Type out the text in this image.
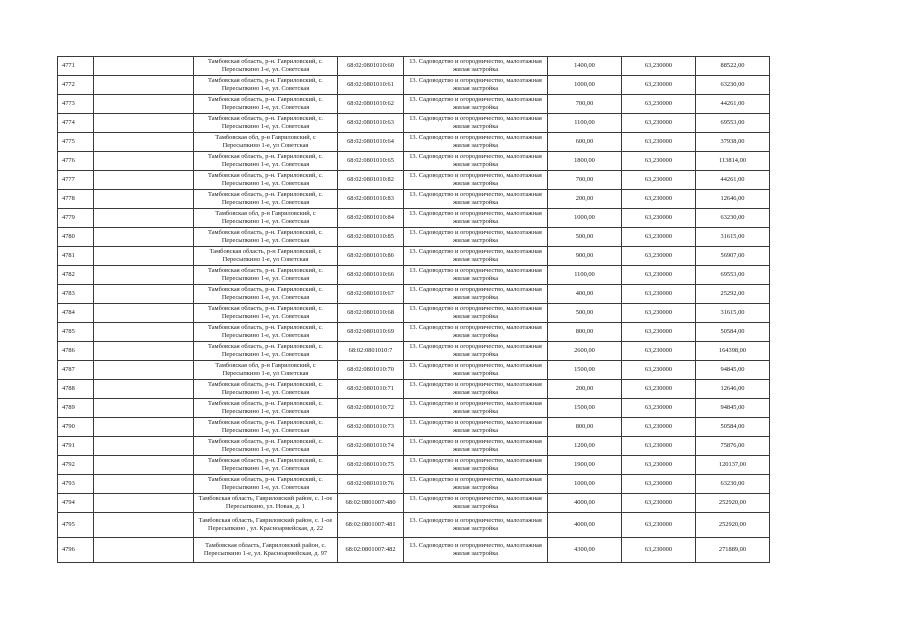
4771		Тамбовская область, р-н. Гавриловский, с. Пересыпкино 1-е, ул. Советская	68:02:0801010:60	13. Садоводство и огородничество, малоэтажная жилая застройка	1400,00	63,230000	88522,00
4772		Тамбовская область, р-н. Гавриловский, с. Пересыпкино 1-е, ул. Советская	68:02:0801010:61	13. Садоводство и огородничество, малоэтажная жилая застройка	1000,00	63,230000	63230,00
4773		Тамбовская область, р-н. Гавриловский, с. Пересыпкино 1-е, ул. Советская	68:02:0801010:62	13. Садоводство и огородничество, малоэтажная жилая застройка	700,00	63,230000	44261,00
4774		Тамбовская область, р-н. Гавриловский, с. Пересыпкино 1-е, ул. Советская	68:02:0801010:63	13. Садоводство и огородничество, малоэтажная жилая застройка	1100,00	63,230000	69553,00
4775		Тамбовская обл, р-н Гавриловский, с Пересыпкино 1-е, ул Советская	68:02:0801010:64	13. Садоводство и огородничество, малоэтажная жилая застройка	600,00	63,230000	37938,00
4776		Тамбовская область, р-н. Гавриловский, с. Пересыпкино 1-е, ул. Советская	68:02:0801010:65	13. Садоводство и огородничество, малоэтажная жилая застройка	1800,00	63,230000	113814,00
4777		Тамбовская область, р-н. Гавриловский, с. Пересыпкино 1-е, ул. Советская	68:02:0801010:82	13. Садоводство и огородничество, малоэтажная жилая застройка	700,00	63,230000	44261,00
4778		Тамбовская область, р-н. Гавриловский, с. Пересыпкино 1-е, ул. Советская	68:02:0801010:83	13. Садоводство и огородничество, малоэтажная жилая застройка	200,00	63,230000	12646,00
4779		Тамбовская обл, р-н Гавриловский, с Пересыпкино 1-е, ул. Советская	68:02:0801010:84	13. Садоводство и огородничество, малоэтажная жилая застройка	1000,00	63,230000	63230,00
4780		Тамбовская область, р-н. Гавриловский, с. Пересыпкино 1-е, ул. Советская	68:02:0801010:85	13. Садоводство и огородничество, малоэтажная жилая застройка	500,00	63,230000	31615,00
4781		Тамбовская область, р-н Гавриловский, с Пересыпкино 1-е, ул Советская	68:02:0801010:86	13. Садоводство и огородничество, малоэтажная жилая застройка	900,00	63,230000	56907,00
4782		Тамбовская область, р-н. Гавриловский, с. Пересыпкино 1-е, ул. Советская	68:02:0801010:66	13. Садоводство и огородничество, малоэтажная жилая застройка	1100,00	63,230000	69553,00
4783		Тамбовская область, р-н. Гавриловский, с. Пересыпкино 1-е, ул. Советская	68:02:0801010:67	13. Садоводство и огородничество, малоэтажная жилая застройка	400,00	63,230000	25292,00
4784		Тамбовская область, р-н. Гавриловский, с. Пересыпкино 1-е, ул. Советская	68:02:0801010:68	13. Садоводство и огородничество, малоэтажная жилая застройка	500,00	63,230000	31615,00
4785		Тамбовская область, р-н. Гавриловский, с. Пересыпкино 1-е, ул. Советская	68:02:0801010:69	13. Садоводство и огородничество, малоэтажная жилая застройка	800,00	63,230000	50584,00
4786		Тамбовская область, р-н. Гавриловский, с. Пересыпкино 1-е, ул. Советская	68:02:0801010:7	13. Садоводство и огородничество, малоэтажная жилая застройка	2600,00	63,230000	164398,00
4787		Тамбовская обл, р-н Гавриловский, с Пересыпкино 1-е, ул Советская	68:02:0801010:70	13. Садоводство и огородничество, малоэтажная жилая застройка	1500,00	63,230000	94845,00
4788		Тамбовская область, р-н. Гавриловский, с. Пересыпкино 1-е, ул. Советская	68:02:0801010:71	13. Садоводство и огородничество, малоэтажная жилая застройка	200,00	63,230000	12646,00
4789		Тамбовская область, р-н. Гавриловский, с. Пересыпкино 1-е, ул. Советская	68:02:0801010:72	13. Садоводство и огородничество, малоэтажная жилая застройка	1500,00	63,230000	94845,00
4790		Тамбовская область, р-н. Гавриловский, с. Пересыпкино 1-е, ул. Советская	68:02:0801010:73	13. Садоводство и огородничество, малоэтажная жилая застройка	800,00	63,230000	50584,00
4791		Тамбовская область, р-н. Гавриловский, с. Пересыпкино 1-е, ул. Советская	68:02:0801010:74	13. Садоводство и огородничество, малоэтажная жилая застройка	1200,00	63,230000	75876,00
4792		Тамбовская область, р-н. Гавриловский, с. Пересыпкино 1-е, ул. Советская	68:02:0801010:75	13. Садоводство и огородничество, малоэтажная жилая застройка	1900,00	63,230000	120137,00
4793		Тамбовская область, р-н. Гавриловский, с. Пересыпкино 1-е, ул. Советская	68:02:0801010:76	13. Садоводство и огородничество, малоэтажная жилая застройка	1000,00	63,230000	63230,00
4794		Тамбовская область, Гавриловский район, с. 1-ое Пересыпкино, ул. Новая, д. 1	68:02:0801007:480	13. Садоводство и огородничество, малоэтажная жилая застройка	4000,00	63,230000	252920,00
4795		Тамбовская область, Гавриловский район, с. 1-ое Пересыпкино , ул. Красноармейская, д. 22	68:02:0801007:481	13. Садоводство и огородничество, малоэтажная жилая застройка	4000,00	63,230000	252920,00
4796		Тамбовская область, Гавриловский район, с. Пересыпкино 1-е, ул. Красноармейская, д. 97	68:02:0801007:482	13. Садоводство и огородничество, малоэтажная жилая застройка	4300,00	63,230000	271889,00
